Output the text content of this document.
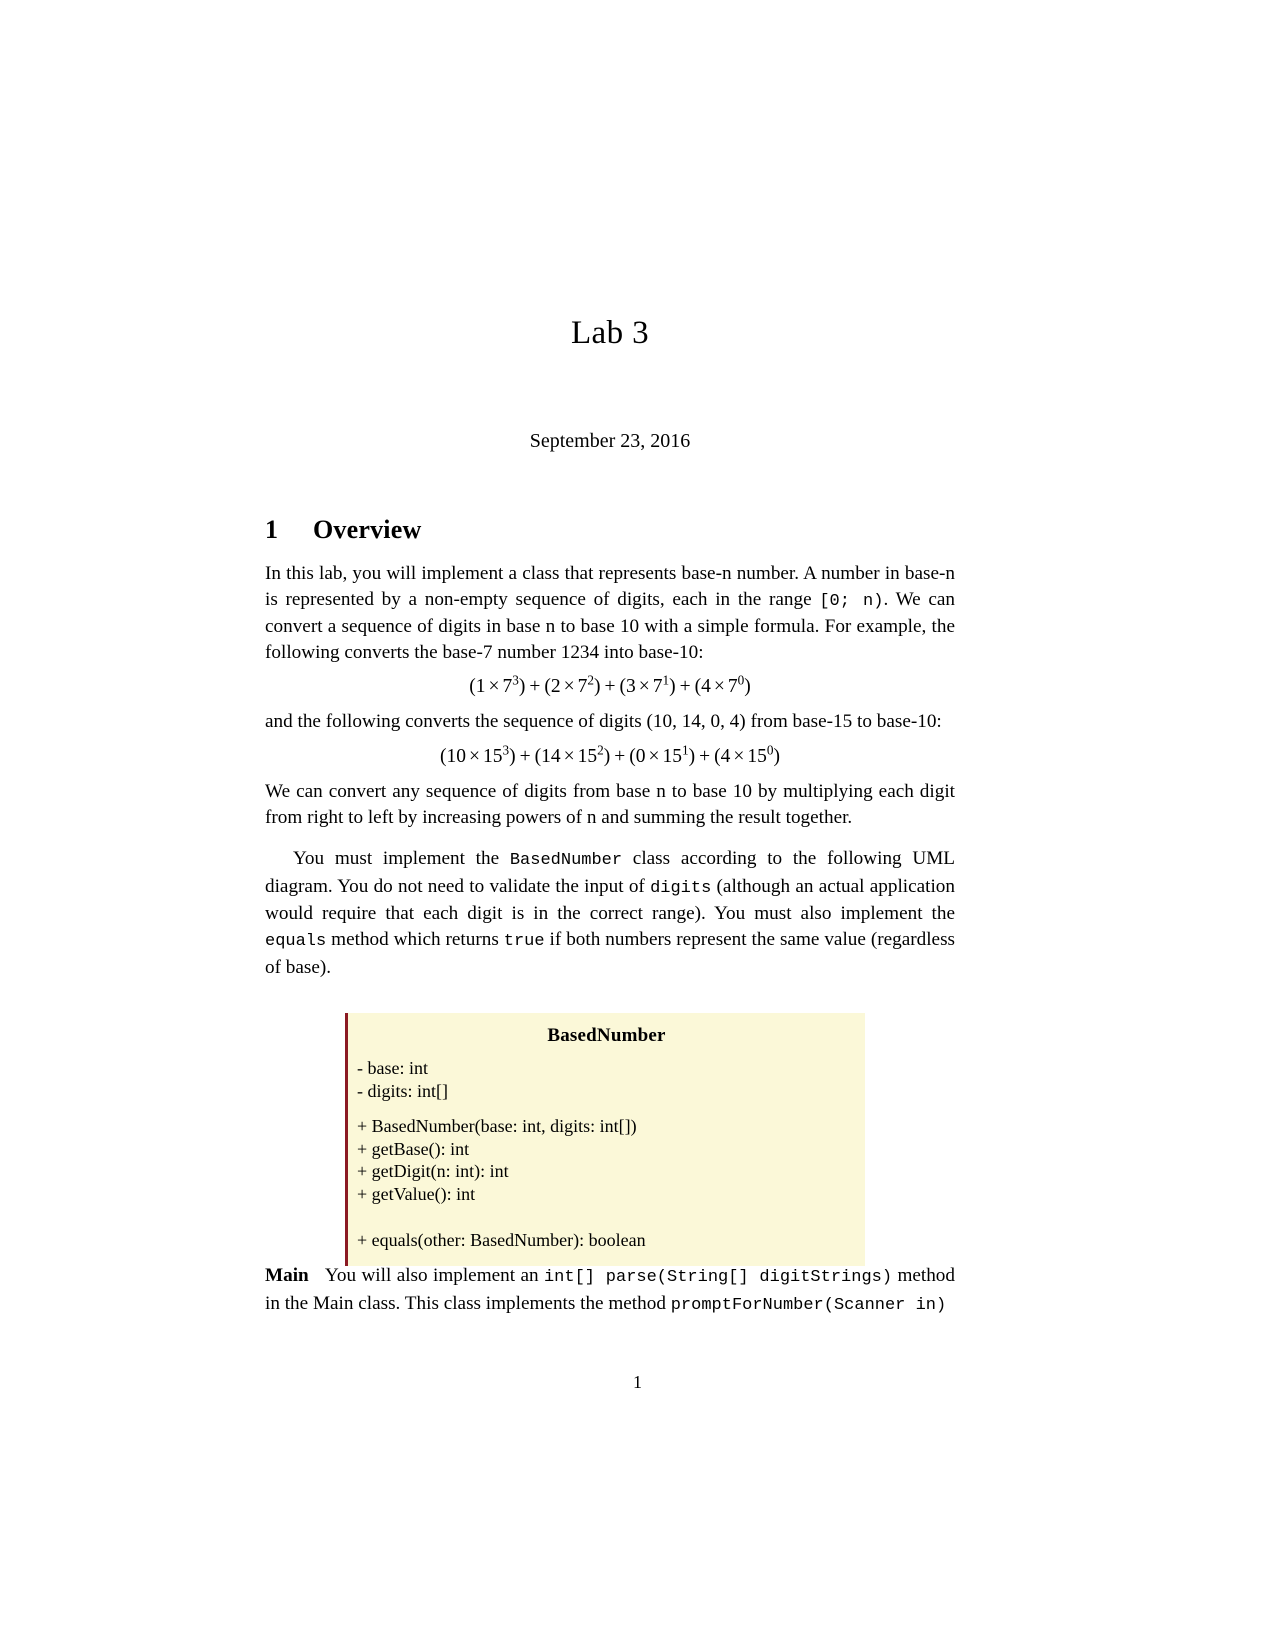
Lab 3
September 23, 2016
1 Overview

In this lab, you will implement a class that represents base-n number. A number in base-n is represented by a non-empty sequence of digits, each in the range [0; n). We can convert a sequence of digits in base n to base 10 with a simple formula. For example, the following converts the base-7 number 1234 into base-10:

$(1 \times 7^3) + (2 \times 7^2) + (3 \times 7^1) + (4 \times 7^0)$

and the following converts the sequence of digits (10, 14, 0, 4) from base-15 to base-10:

$(10 \times 15^3) + (14 \times 15^2) + (0 \times 15^1) + (4 \times 15^0)$

We can convert any sequence of digits from base n to base 10 by multiplying each digit from right to left by increasing powers of n and summing the result together.

You must implement the BasedNumber class according to the following UML diagram. You do not need to validate the input of digits (although an actual application would require that each digit is in the correct range). You must also implement the equals method which returns true if both numbers represent the same value (regardless of base).

BasedNumber
- base: int
- digits: int[]
+ BasedNumber(base: int, digits: int[])
+ getBase(): int
+ getDigit(n: int): int
+ getValue(): int
+ equals(other: BasedNumber): boolean
Main You will also implement an int[] parse(String[] digitStrings) method in the Main class. This class implements the method promptForNumber(Scanner in)
1
